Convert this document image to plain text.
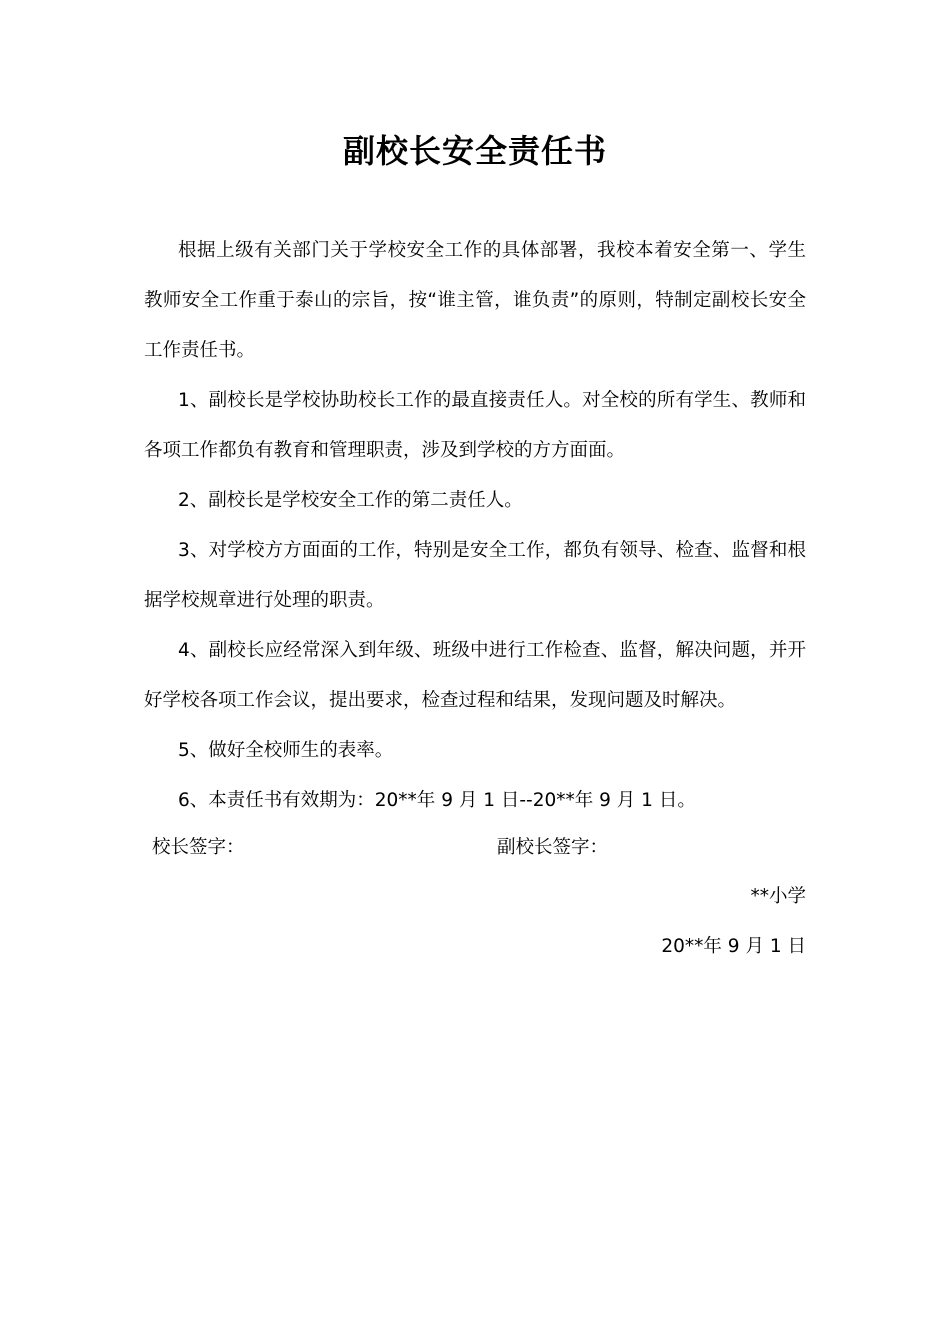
副校长安全责任书

根据上级有关部门关于学校安全工作的具体部署，我校本着安全第一、学生教师安全工作重于泰山的宗旨，按“谁主管，谁负责”的原则，特制定副校长安全工作责任书。

1、副校长是学校协助校长工作的最直接责任人。对全校的所有学生、教师和各项工作都负有教育和管理职责，涉及到学校的方方面面。

2、副校长是学校安全工作的第二责任人。

3、对学校方方面面的工作，特别是安全工作，都负有领导、检查、监督和根据学校规章进行处理的职责。

4、副校长应经常深入到年级、班级中进行工作检查、监督，解决问题，并开好学校各项工作会议，提出要求，检查过程和结果，发现问题及时解决。

5、做好全校师生的表率。

6、本责任书有效期为：20**年 9 月 1 日--20**年 9 月 1 日。

校长签字：	副校长签字：
**小学
20**年 9 月 1 日
